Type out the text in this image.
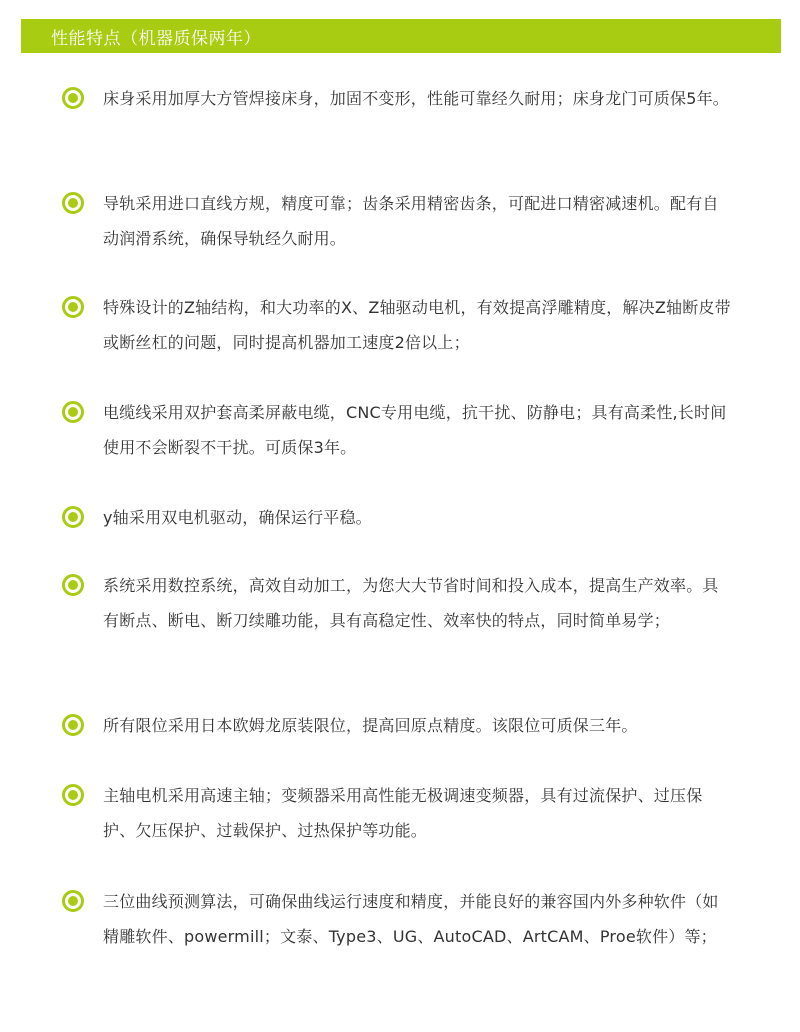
性能特点（机器质保两年）
床身采用加厚大方管焊接床身，加固不变形，性能可靠经久耐用；床身龙门可质保5年。
导轨采用进口直线方规，精度可靠；齿条采用精密齿条，可配进口精密减速机。配有自动润滑系统，确保导轨经久耐用。
特殊设计的Z轴结构，和大功率的X、Z轴驱动电机，有效提高浮雕精度，解决Z轴断皮带或断丝杠的问题，同时提高机器加工速度2倍以上；
电缆线采用双护套高柔屏蔽电缆，CNC专用电缆，抗干扰、防静电；具有高柔性,长时间使用不会断裂不干扰。可质保3年。
y轴采用双电机驱动，确保运行平稳。
系统采用数控系统，高效自动加工，为您大大节省时间和投入成本，提高生产效率。具有断点、断电、断刀续雕功能，具有高稳定性、效率快的特点，同时简单易学；
所有限位采用日本欧姆龙原装限位，提高回原点精度。该限位可质保三年。
主轴电机采用高速主轴；变频器采用高性能无极调速变频器，具有过流保护、过压保护、欠压保护、过载保护、过热保护等功能。
三位曲线预测算法，可确保曲线运行速度和精度，并能良好的兼容国内外多种软件（如精雕软件、powermill；文泰、Type3、UG、AutoCAD、ArtCAM、Proe软件）等；
